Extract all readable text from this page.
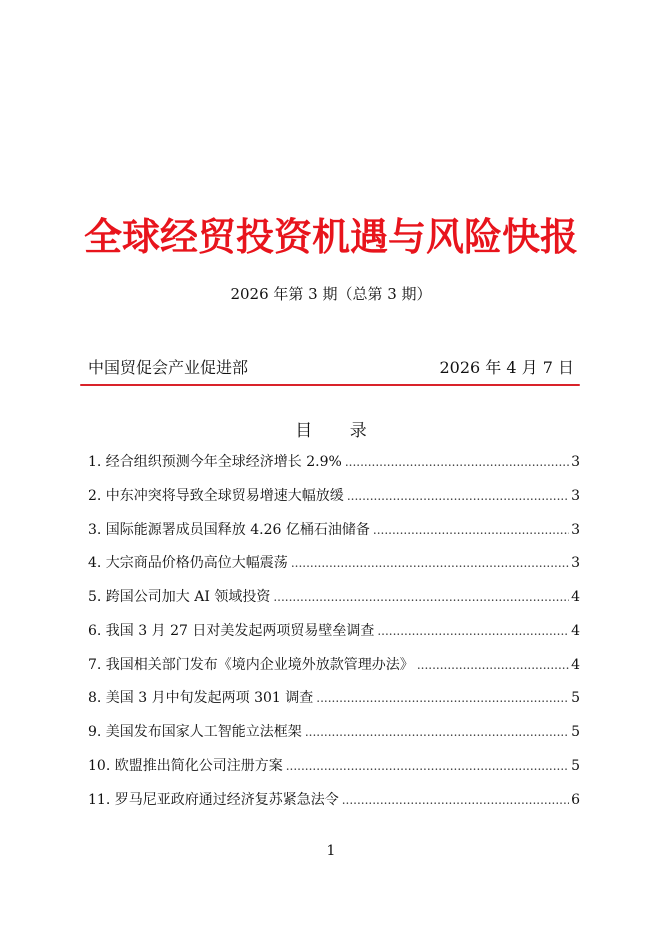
全球经贸投资机遇与风险快报
2026 年第 3 期（总第 3 期）
中国贸促会产业促进部	2026 年 4 月 7 日
目 录
1. 经合组织预测今年全球经济增长 2.9% .....	3
2. 中东冲突将导致全球贸易增速大幅放缓 .....	3
3. 国际能源署成员国释放 4.26 亿桶石油储备 .....	3
4. 大宗商品价格仍高位大幅震荡 .....	3
5. 跨国公司加大 AI 领域投资 .....	4
6. 我国 3 月 27 日对美发起两项贸易壁垒调查 .....	4
7. 我国相关部门发布《境内企业境外放款管理办法》 .....	4
8. 美国 3 月中旬发起两项 301 调查 .....	5
9. 美国发布国家人工智能立法框架 .....	5
10. 欧盟推出简化公司注册方案 .....	5
11. 罗马尼亚政府通过经济复苏紧急法令 .....	6
1
